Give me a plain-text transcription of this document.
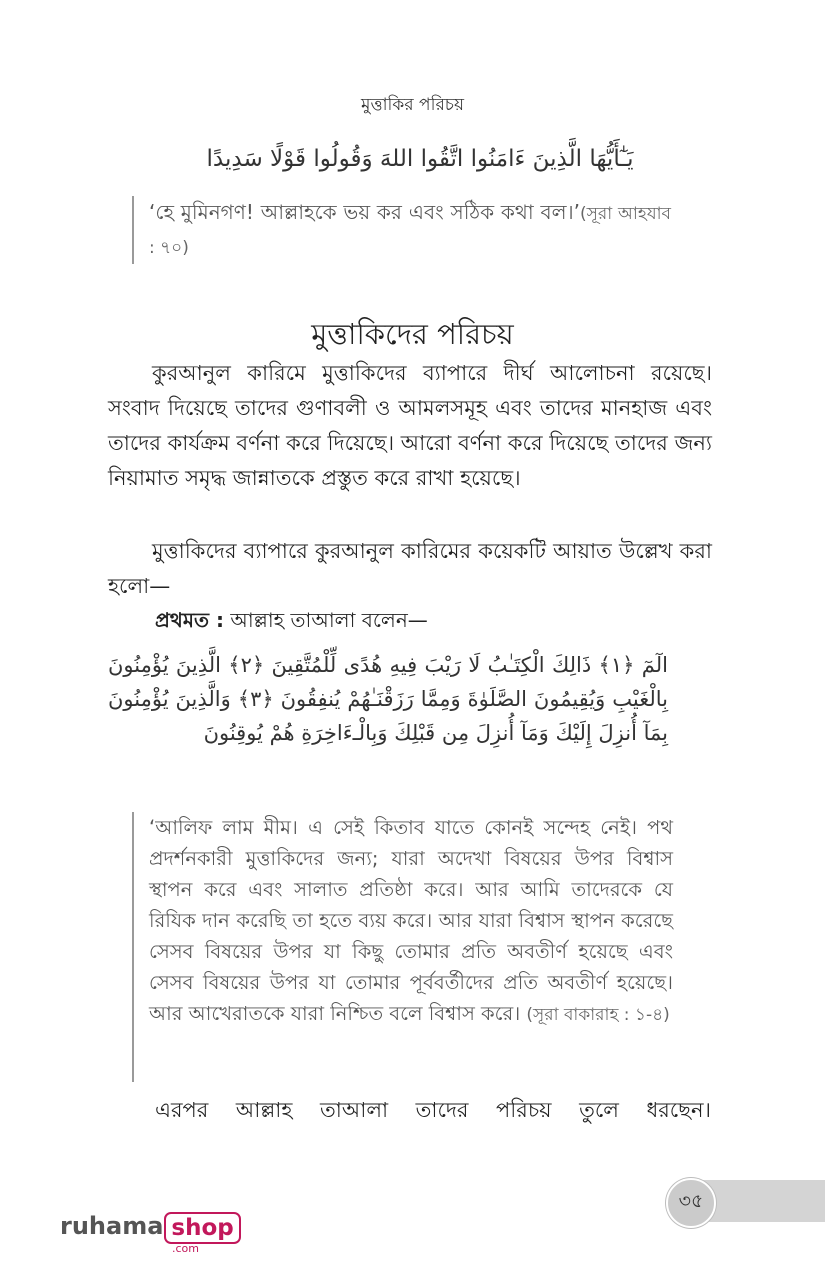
মুত্তাকির পরিচয়
يَـٰٓأَيُّهَا الَّذِينَ ءَامَنُوا اتَّقُوا اللهَ وَقُولُوا قَوْلًا سَدِيدًا
‘হে মুমিনগণ! আল্লাহকে ভয় কর এবং সঠিক কথা বল।’(সূরা আহযাব : ৭০)
মুত্তাকিদের পরিচয়
কুরআনুল কারিমে মুত্তাকিদের ব্যাপারে দীর্ঘ আলোচনা রয়েছে। সংবাদ দিয়েছে তাদের গুণাবলী ও আমলসমূহ এবং তাদের মানহাজ এবং তাদের কার্যক্রম বর্ণনা করে দিয়েছে। আরো বর্ণনা করে দিয়েছে তাদের জন্য নিয়ামাত সমৃদ্ধ জান্নাতকে প্রস্তুত করে রাখা হয়েছে।
মুত্তাকিদের ব্যাপারে কুরআনুল কারিমের কয়েকটি আয়াত উল্লেখ করা হলো—
প্রথমত : আল্লাহ তাআলা বলেন—
الٓمٓ ﴿١﴾ ذَالِكَ الْكِتَـٰبُ لَا رَيْبَ فِيهِ هُدًى لِّلْمُتَّقِينَ ﴿٢﴾ الَّذِينَ يُؤْمِنُونَ بِالْغَيْبِ وَيُقِيمُونَ الصَّلَوٰةَ وَمِمَّا رَزَقْنَـٰهُمْ يُنفِقُونَ ﴿٣﴾ وَالَّذِينَ يُؤْمِنُونَ بِمَآ أُنزِلَ إِلَيْكَ وَمَآ أُنزِلَ مِن قَبْلِكَ وَبِالْـءَاخِرَةِ هُمْ يُوقِنُونَ
‘আলিফ লাম মীম। এ সেই কিতাব যাতে কোনই সন্দেহ নেই। পথ প্রদর্শনকারী মুত্তাকিদের জন্য; যারা অদেখা বিষয়ের উপর বিশ্বাস স্থাপন করে এবং সালাত প্রতিষ্ঠা করে। আর আমি তাদেরকে যে রিযিক দান করেছি তা হতে ব্যয় করে। আর যারা বিশ্বাস স্থাপন করেছে সেসব বিষয়ের উপর যা কিছু তোমার প্রতি অবতীর্ণ হয়েছে এবং সেসব বিষয়ের উপর যা তোমার পূর্ববর্তীদের প্রতি অবতীর্ণ হয়েছে। আর আখেরাতকে যারা নিশ্চিত বলে বিশ্বাস করে। (সূরা বাকারাহ : ১-৪)
এরপর আল্লাহ তাআলা তাদের পরিচয় তুলে ধরছেন।
৩৫
ruhama shop
.com
